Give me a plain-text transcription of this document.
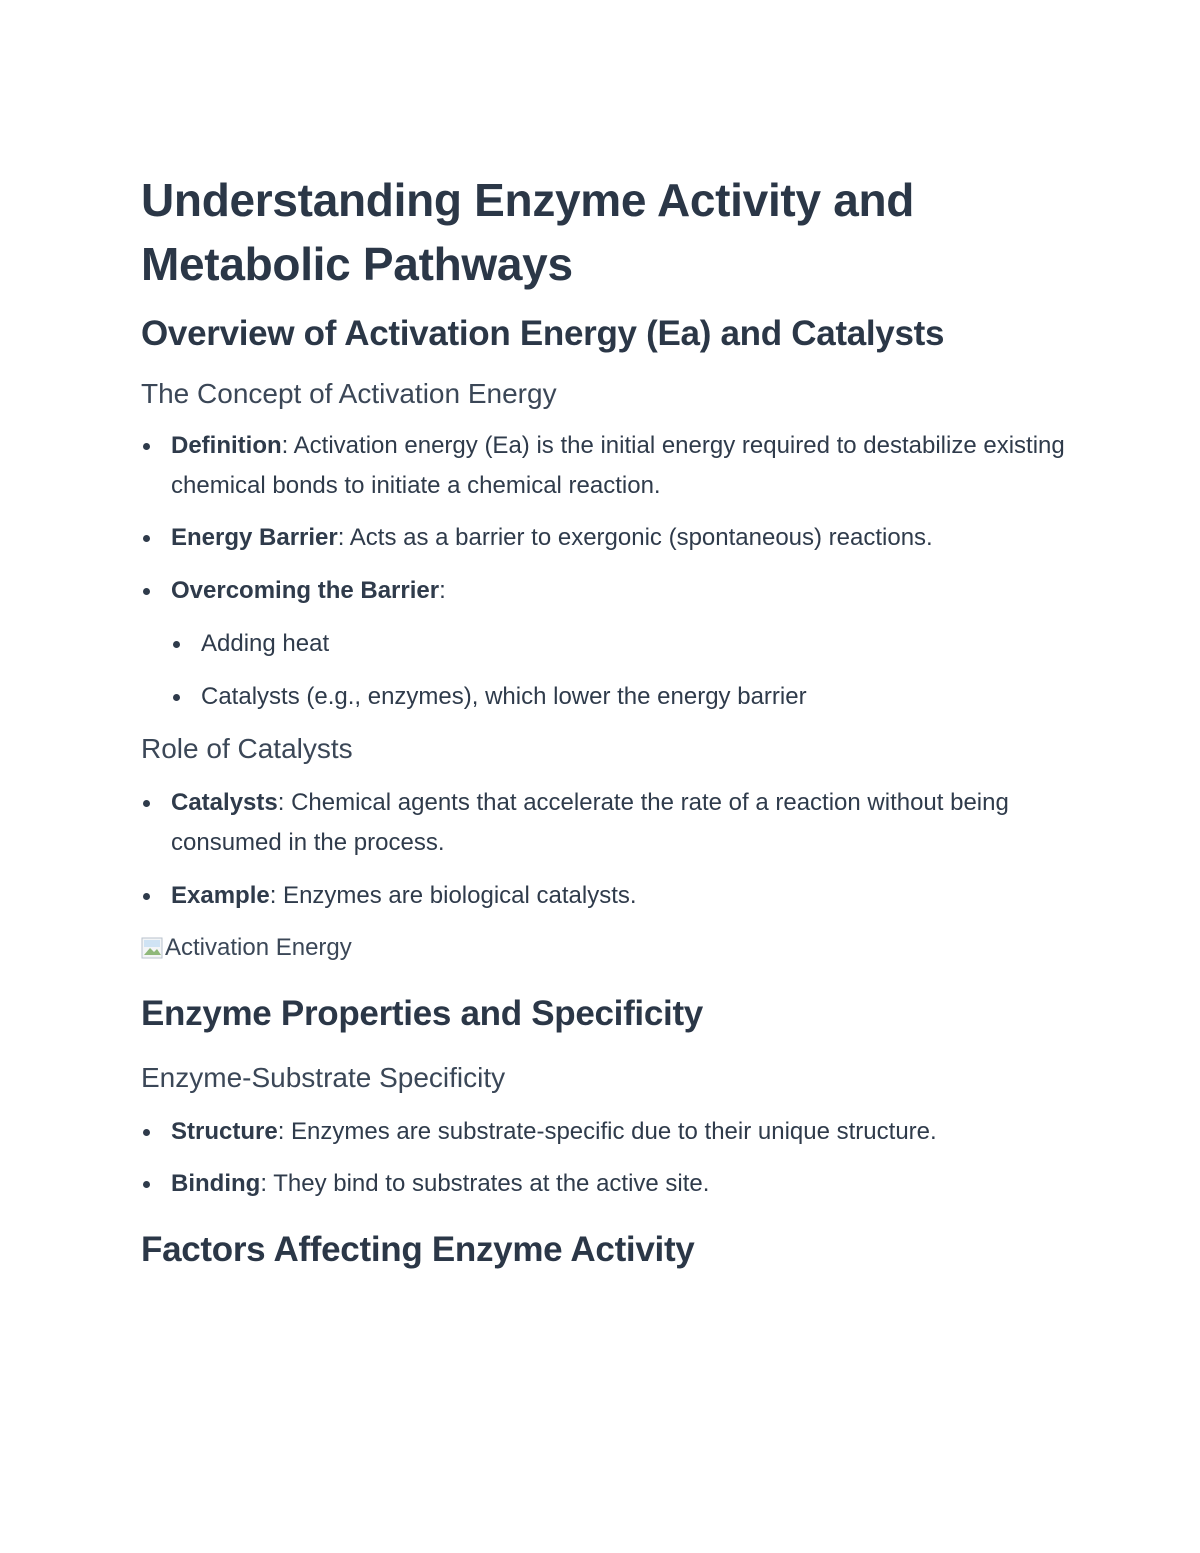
Understanding Enzyme Activity and Metabolic Pathways
Overview of Activation Energy (Ea) and Catalysts
The Concept of Activation Energy
Definition: Activation energy (Ea) is the initial energy required to destabilize existing chemical bonds to initiate a chemical reaction.
Energy Barrier: Acts as a barrier to exergonic (spontaneous) reactions.
Overcoming the Barrier:
Adding heat
Catalysts (e.g., enzymes), which lower the energy barrier
Role of Catalysts
Catalysts: Chemical agents that accelerate the rate of a reaction without being consumed in the process.
Example: Enzymes are biological catalysts.
Activation Energy
Enzyme Properties and Specificity
Enzyme-Substrate Specificity
Structure: Enzymes are substrate-specific due to their unique structure.
Binding: They bind to substrates at the active site.
Factors Affecting Enzyme Activity
